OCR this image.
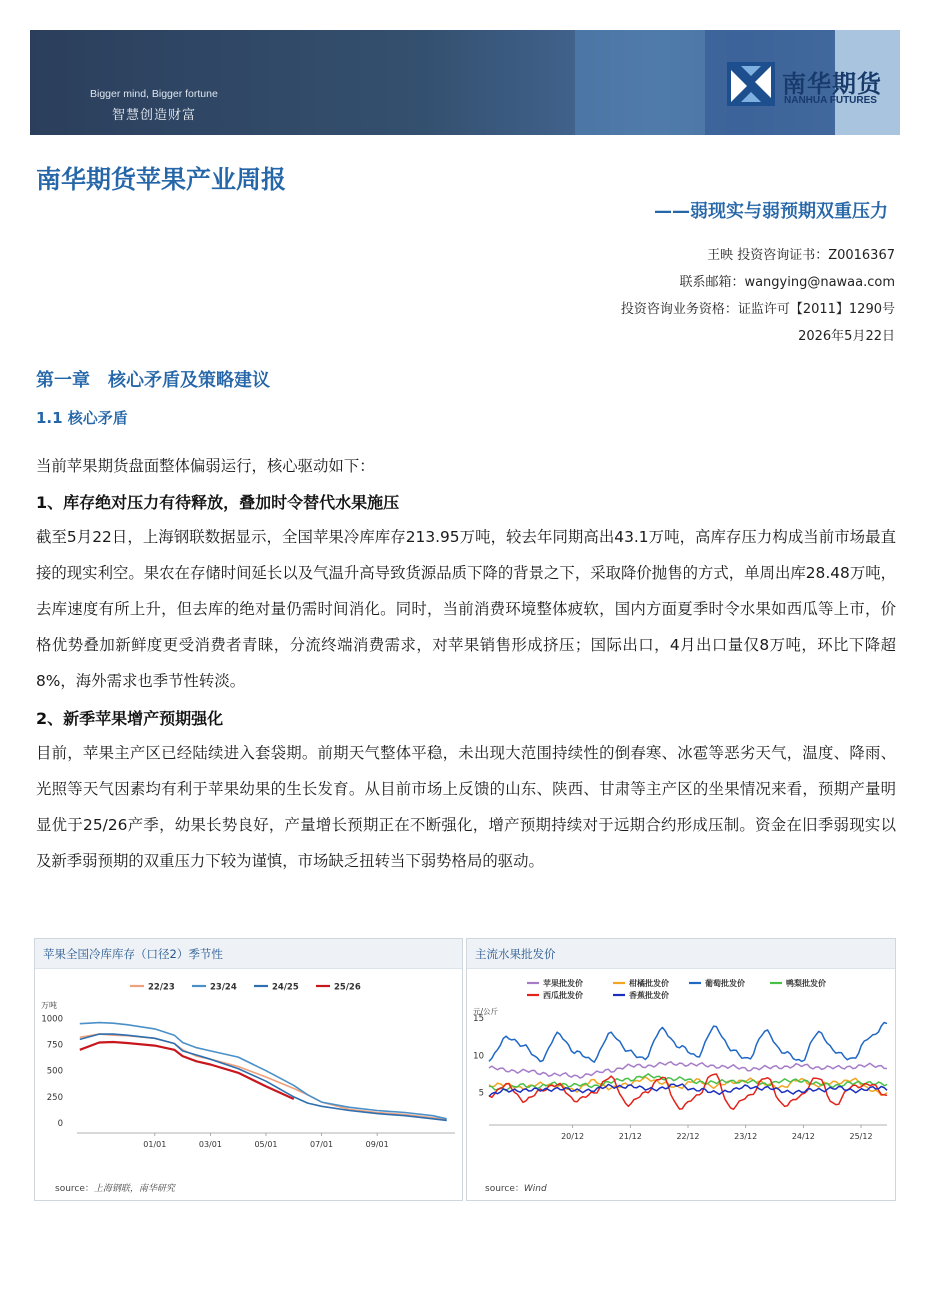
Bigger mind, Bigger fortune
智慧创造财富
南华期货
NANHUA FUTURES
南华期货苹果产业周报
——弱现实与弱预期双重压力
王映 投资咨询证书：Z0016367
联系邮箱：wangying@nawaa.com
投资咨询业务资格：证监许可【2011】1290号
2026年5月22日
第一章　核心矛盾及策略建议
1.1 核心矛盾
当前苹果期货盘面整体偏弱运行，核心驱动如下：
1、库存绝对压力有待释放，叠加时令替代水果施压
截至5月22日，上海钢联数据显示，全国苹果冷库库存213.95万吨，较去年同期高出43.1万吨，高库存压力构成当前市场最直接的现实利空。果农在存储时间延长以及气温升高导致货源品质下降的背景之下，采取降价抛售的方式，单周出库28.48万吨，去库速度有所上升，但去库的绝对量仍需时间消化。同时，当前消费环境整体疲软，国内方面夏季时令水果如西瓜等上市，价格优势叠加新鲜度更受消费者青睐，分流终端消费需求，对苹果销售形成挤压；国际出口，4月出口量仅8万吨，环比下降超8%，海外需求也季节性转淡。
2、新季苹果增产预期强化
目前，苹果主产区已经陆续进入套袋期。前期天气整体平稳，未出现大范围持续性的倒春寒、冰雹等恶劣天气，温度、降雨、光照等天气因素均有利于苹果幼果的生长发育。从目前市场上反馈的山东、陕西、甘肃等主产区的坐果情况来看，预期产量明显优于25/26产季，幼果长势良好，产量增长预期正在不断强化，增产预期持续对于远期合约形成压制。资金在旧季弱现实以及新季弱预期的双重压力下较为谨慎，市场缺乏扭转当下弱势格局的驱动。
苹果全国冷库库存（口径2）季节性
万吨
0
250
500
750
1000
01/01	03/01	05/01	07/01	09/01
22/23	23/24	24/25	25/26
source：上海钢联，南华研究
主流水果批发价
元/公斤
5
10
15
20/12	21/12	22/12	23/12	24/12	25/12
苹果批发价	柑橘批发价	葡萄批发价	鸭梨批发价
西瓜批发价	香蕉批发价
source：Wind
